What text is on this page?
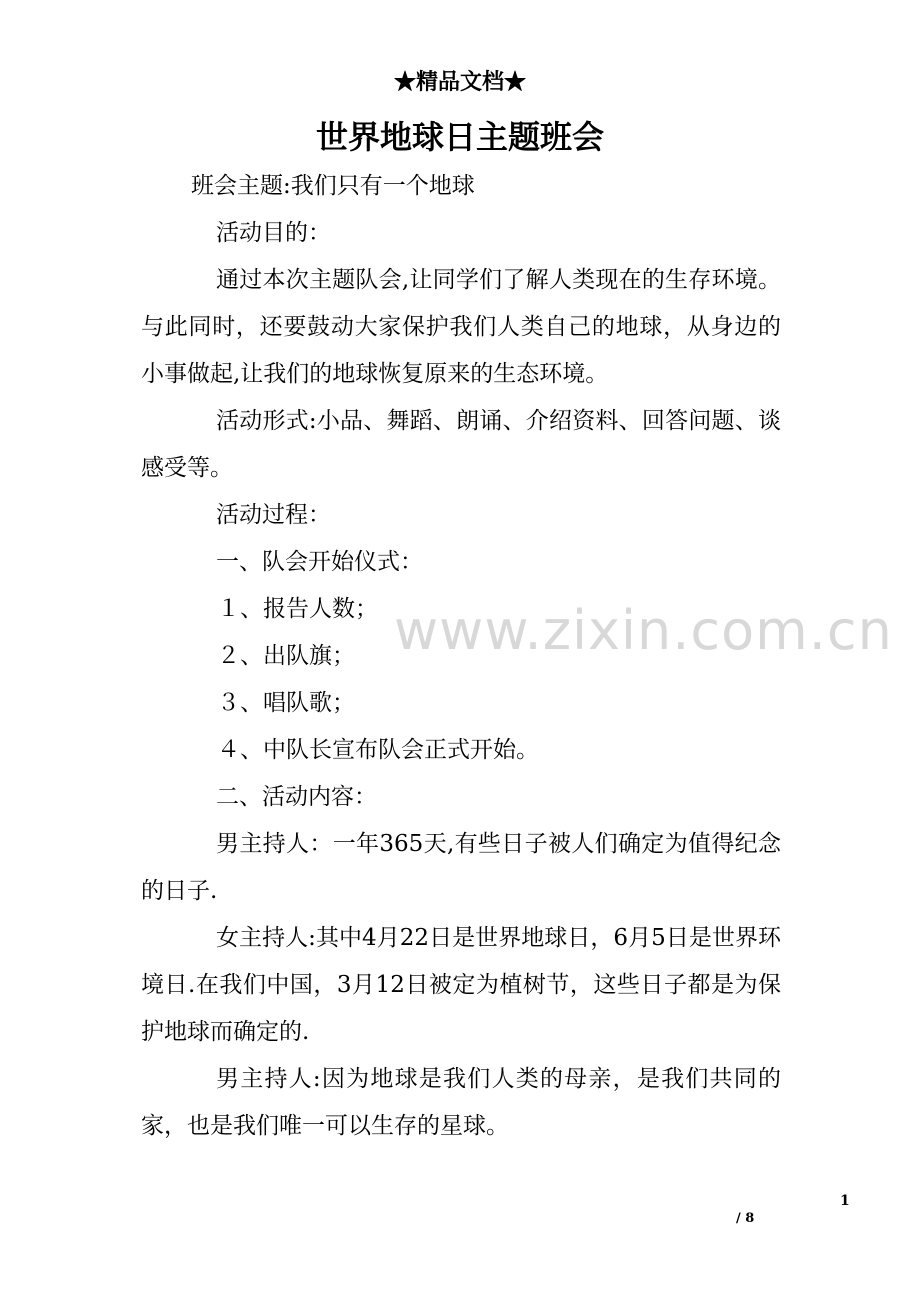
★精品文档★
世界地球日主题班会

班会主题:我们只有一个地球

活动目的：

通过本次主题队会,让同学们了解人类现在的生存环境。与此同时，还要鼓动大家保护我们人类自己的地球，从身边的小事做起,让我们的地球恢复原来的生态环境。

活动形式:小品、舞蹈、朗诵、介绍资料、回答问题、谈感受等。

活动过程：

一、队会开始仪式：

１、报告人数；

２、出队旗；

３、唱队歌；

４、中队长宣布队会正式开始。

二、活动内容：

男主持人：一年365天,有些日子被人们确定为值得纪念的日子.

女主持人:其中4月22日是世界地球日，6月5日是世界环境日.在我们中国，3月12日被定为植树节，这些日子都是为保护地球而确定的.

男主持人:因为地球是我们人类的母亲，是我们共同的家，也是我们唯一可以生存的星球。

www.zixin.com.cn
1
/ 8
